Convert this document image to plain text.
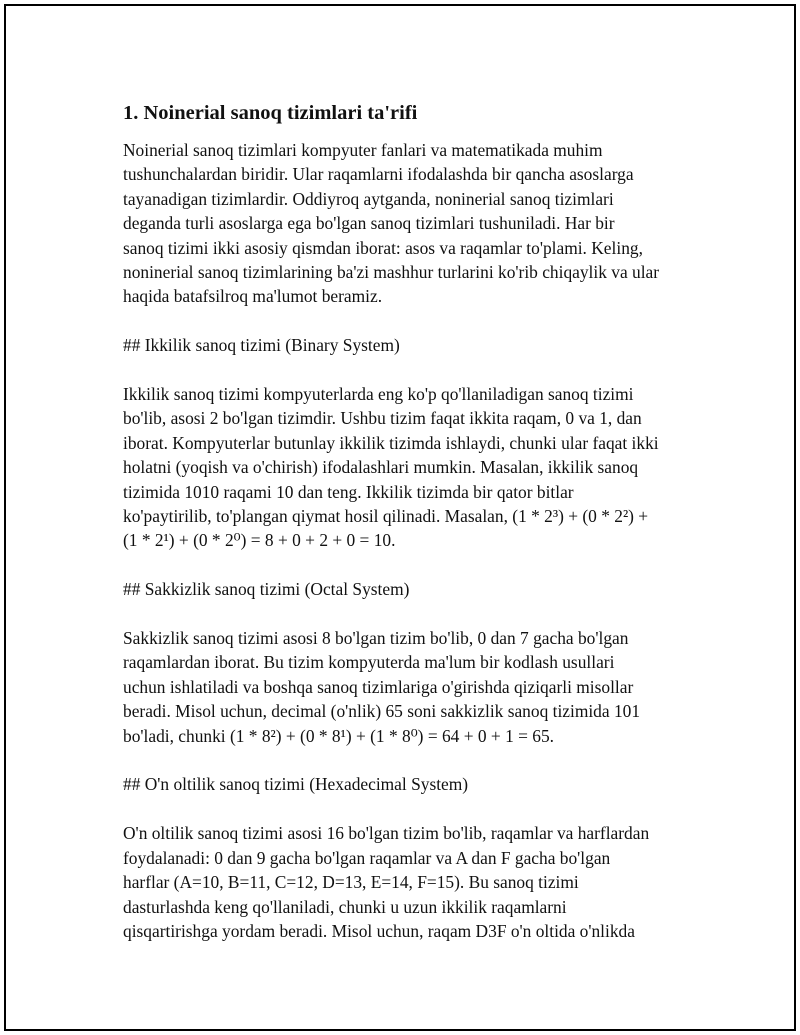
1. Noinerial sanoq tizimlari ta'rifi

Noinerial sanoq tizimlari kompyuter fanlari va matematikada muhim
tushunchalardan biridir. Ular raqamlarni ifodalashda bir qancha asoslarga
tayanadigan tizimlardir. Oddiyroq aytganda, noninerial sanoq tizimlari
deganda turli asoslarga ega bo'lgan sanoq tizimlari tushuniladi. Har bir
sanoq tizimi ikki asosiy qismdan iborat: asos va raqamlar to'plami. Keling,
noninerial sanoq tizimlarining ba'zi mashhur turlarini ko'rib chiqaylik va ular
haqida batafsilroq ma'lumot beramiz.

## Ikkilik sanoq tizimi (Binary System)

Ikkilik sanoq tizimi kompyuterlarda eng ko'p qo'llaniladigan sanoq tizimi
bo'lib, asosi 2 bo'lgan tizimdir. Ushbu tizim faqat ikkita raqam, 0 va 1, dan
iborat. Kompyuterlar butunlay ikkilik tizimda ishlaydi, chunki ular faqat ikki
holatni (yoqish va o'chirish) ifodalashlari mumkin. Masalan, ikkilik sanoq
tizimida 1010 raqami 10 dan teng. Ikkilik tizimda bir qator bitlar
ko'paytirilib, to'plangan qiymat hosil qilinadi. Masalan, (1 * 2³) + (0 * 2²) +
(1 * 2¹) + (0 * 2⁰) = 8 + 0 + 2 + 0 = 10.

## Sakkizlik sanoq tizimi (Octal System)

Sakkizlik sanoq tizimi asosi 8 bo'lgan tizim bo'lib, 0 dan 7 gacha bo'lgan
raqamlardan iborat. Bu tizim kompyuterda ma'lum bir kodlash usullari
uchun ishlatiladi va boshqa sanoq tizimlariga o'girishda qiziqarli misollar
beradi. Misol uchun, decimal (o'nlik) 65 soni sakkizlik sanoq tizimida 101
bo'ladi, chunki (1 * 8²) + (0 * 8¹) + (1 * 8⁰) = 64 + 0 + 1 = 65.

## O'n oltilik sanoq tizimi (Hexadecimal System)

O'n oltilik sanoq tizimi asosi 16 bo'lgan tizim bo'lib, raqamlar va harflardan
foydalanadi: 0 dan 9 gacha bo'lgan raqamlar va A dan F gacha bo'lgan
harflar (A=10, B=11, C=12, D=13, E=14, F=15). Bu sanoq tizimi
dasturlashda keng qo'llaniladi, chunki u uzun ikkilik raqamlarni
qisqartirishga yordam beradi. Misol uchun, raqam D3F o'n oltida o'nlikda
